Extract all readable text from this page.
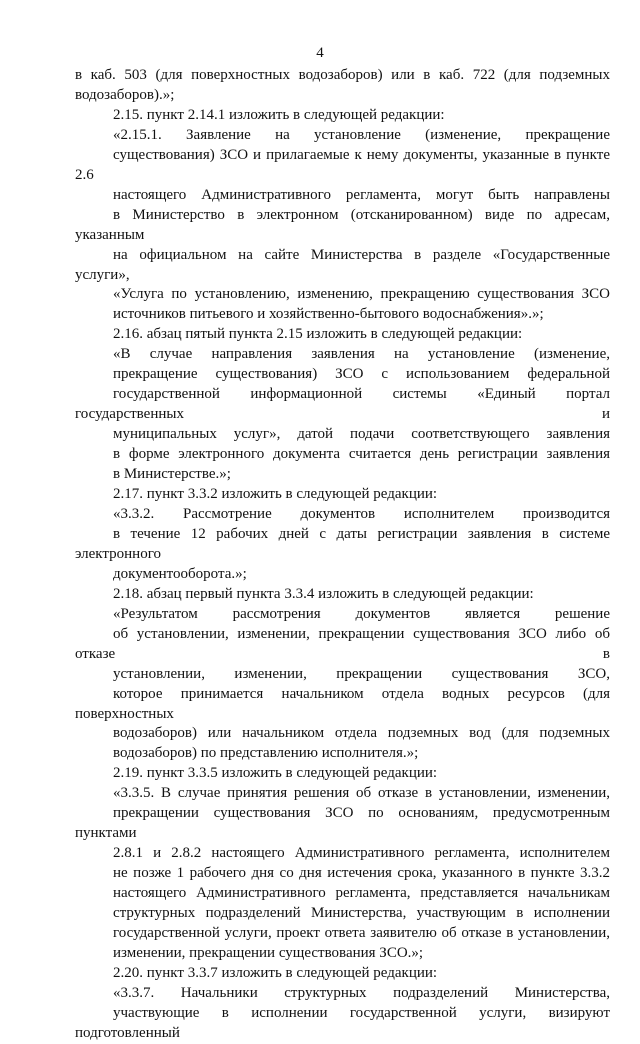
4

в каб. 503 (для поверхностных водозаборов) или в каб. 722 (для подземных
водозаборов).»;

2.15. пункт 2.14.1 изложить в следующей редакции:

«2.15.1. Заявление на установление (изменение, прекращение
существования) ЗСО и прилагаемые к нему документы, указанные в пункте 2.6
настоящего Административного регламента, могут быть направлены
в Министерство в электронном (отсканированном) виде по адресам, указанным
на официальном на сайте Министерства в разделе «Государственные услуги»,
«Услуга по установлению, изменению, прекращению существования ЗСО
источников питьевого и хозяйственно-бытового водоснабжения».»;

2.16. абзац пятый пункта 2.15 изложить в следующей редакции:

«В случае направления заявления на установление (изменение,
прекращение существования) ЗСО с использованием федеральной
государственной информационной системы «Единый портал государственных и
муниципальных услуг», датой подачи соответствующего заявления
в форме электронного документа считается день регистрации заявления
в Министерстве.»;

2.17. пункт 3.3.2 изложить в следующей редакции:

«3.3.2. Рассмотрение документов исполнителем производится
в течение 12 рабочих дней с даты регистрации заявления в системе электронного
документооборота.»;

2.18. абзац первый пункта 3.3.4 изложить в следующей редакции:

«Результатом рассмотрения документов является решение
об установлении, изменении, прекращении существования ЗСО либо об отказе в
установлении, изменении, прекращении существования ЗСО,
которое принимается начальником отдела водных ресурсов (для поверхностных
водозаборов) или начальником отдела подземных вод (для подземных
водозаборов) по представлению исполнителя.»;

2.19. пункт 3.3.5 изложить в следующей редакции:

«3.3.5. В случае принятия решения об отказе в установлении, изменении,
прекращении существования ЗСО по основаниям, предусмотренным пунктами
2.8.1 и 2.8.2 настоящего Административного регламента, исполнителем
не позже 1 рабочего дня со дня истечения срока, указанного в пункте 3.3.2
настоящего Административного регламента, представляется начальникам
структурных подразделений Министерства, участвующим в исполнении
государственной услуги, проект ответа заявителю об отказе в установлении,
изменении, прекращении существования ЗСО.»;

2.20. пункт 3.3.7 изложить в следующей редакции:

«3.3.7. Начальники структурных подразделений Министерства,
участвующие в исполнении государственной услуги, визируют подготовленный
